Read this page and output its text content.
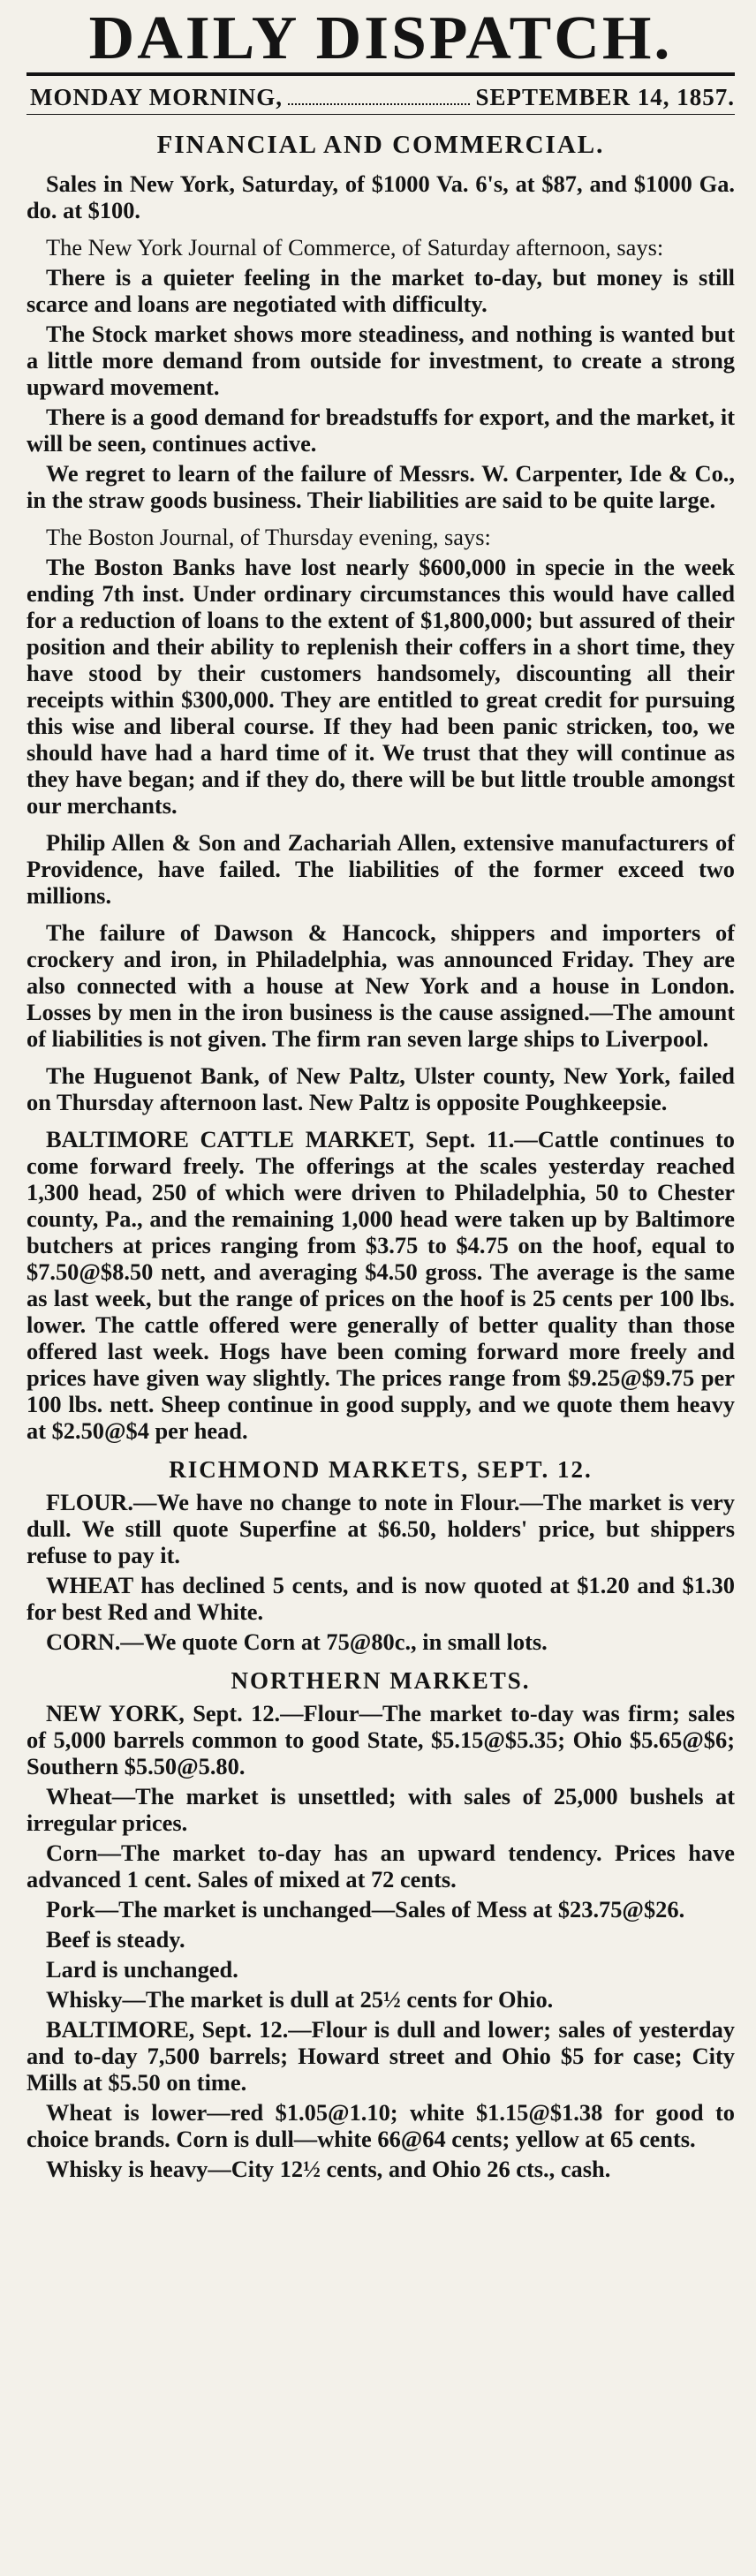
DAILY DISPATCH.
MONDAY MORNING,	SEPTEMBER 14, 1857.
FINANCIAL AND COMMERCIAL.

Sales in New York, Saturday, of $1000 Va. 6's, at $87, and $1000 Ga. do. at $100.

The New York Journal of Commerce, of Saturday afternoon, says:

There is a quieter feeling in the market to-day, but money is still scarce and loans are negotiated with difficulty.

The Stock market shows more steadiness, and nothing is wanted but a little more demand from outside for investment, to create a strong upward movement.

There is a good demand for breadstuffs for export, and the market, it will be seen, continues active.

We regret to learn of the failure of Messrs. W. Carpenter, Ide & Co., in the straw goods business. Their liabilities are said to be quite large.

The Boston Journal, of Thursday evening, says:

The Boston Banks have lost nearly $600,000 in specie in the week ending 7th inst. Under ordinary circumstances this would have called for a reduction of loans to the extent of $1,800,000; but assured of their position and their ability to replenish their coffers in a short time, they have stood by their customers handsomely, discounting all their receipts within $300,000. They are entitled to great credit for pursuing this wise and liberal course. If they had been panic stricken, too, we should have had a hard time of it. We trust that they will continue as they have began; and if they do, there will be but little trouble amongst our merchants.

Philip Allen & Son and Zachariah Allen, extensive manufacturers of Providence, have failed. The liabilities of the former exceed two millions.

The failure of Dawson & Hancock, shippers and importers of crockery and iron, in Philadelphia, was announced Friday. They are also connected with a house at New York and a house in London. Losses by men in the iron business is the cause assigned.—The amount of liabilities is not given. The firm ran seven large ships to Liverpool.

The Huguenot Bank, of New Paltz, Ulster county, New York, failed on Thursday afternoon last. New Paltz is opposite Poughkeepsie.

BALTIMORE CATTLE MARKET, Sept. 11.—Cattle continues to come forward freely. The offerings at the scales yesterday reached 1,300 head, 250 of which were driven to Philadelphia, 50 to Chester county, Pa., and the remaining 1,000 head were taken up by Baltimore butchers at prices ranging from $3.75 to $4.75 on the hoof, equal to $7.50@$8.50 nett, and averaging $4.50 gross. The average is the same as last week, but the range of prices on the hoof is 25 cents per 100 lbs. lower. The cattle offered were generally of better quality than those offered last week. Hogs have been coming forward more freely and prices have given way slightly. The prices range from $9.25@$9.75 per 100 lbs. nett. Sheep continue in good supply, and we quote them heavy at $2.50@$4 per head.

RICHMOND MARKETS, SEPT. 12.

FLOUR.—We have no change to note in Flour.—The market is very dull. We still quote Superfine at $6.50, holders' price, but shippers refuse to pay it.

WHEAT has declined 5 cents, and is now quoted at $1.20 and $1.30 for best Red and White.

CORN.—We quote Corn at 75@80c., in small lots.

NORTHERN MARKETS.

NEW YORK, Sept. 12.—Flour—The market to-day was firm; sales of 5,000 barrels common to good State, $5.15@$5.35; Ohio $5.65@$6; Southern $5.50@5.80.

Wheat—The market is unsettled; with sales of 25,000 bushels at irregular prices.

Corn—The market to-day has an upward tendency. Prices have advanced 1 cent. Sales of mixed at 72 cents.

Pork—The market is unchanged—Sales of Mess at $23.75@$26.

Beef is steady.

Lard is unchanged.

Whisky—The market is dull at 25½ cents for Ohio.

BALTIMORE, Sept. 12.—Flour is dull and lower; sales of yesterday and to-day 7,500 barrels; Howard street and Ohio $5 for case; City Mills at $5.50 on time.

Wheat is lower—red $1.05@1.10; white $1.15@$1.38 for good to choice brands. Corn is dull—white 66@64 cents; yellow at 65 cents.

Whisky is heavy—City 12½ cents, and Ohio 26 cts., cash.
